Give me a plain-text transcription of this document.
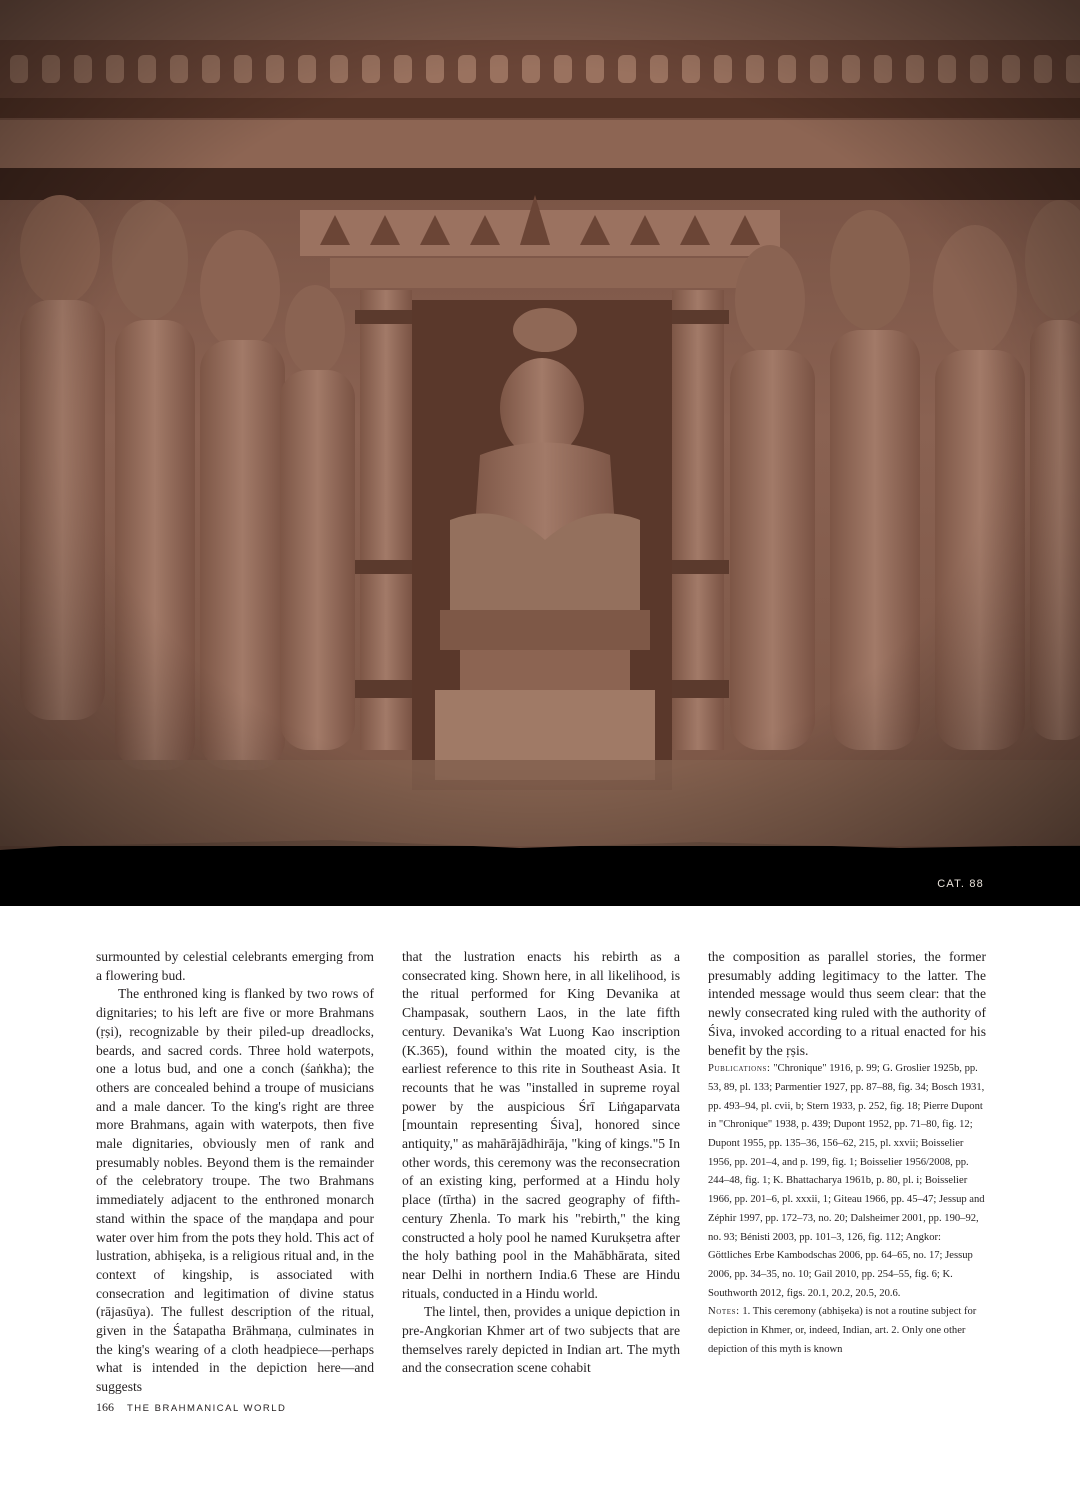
CAT. 88

surmounted by celestial celebrants emerging from a flowering bud.

The enthroned king is flanked by two rows of dignitaries; to his left are five or more Brahmans (ṛṣi), recognizable by their piled-up dreadlocks, beards, and sacred cords. Three hold waterpots, one a lotus bud, and one a conch (śaṅkha); the others are concealed behind a troupe of musicians and a male dancer. To the king's right are three more Brahmans, again with waterpots, then five male dignitaries, obviously men of rank and presumably nobles. Beyond them is the remainder of the celebratory troupe. The two Brahmans immediately adjacent to the enthroned monarch stand within the space of the maṇḍapa and pour water over him from the pots they hold. This act of lustration, abhiṣeka, is a religious ritual and, in the context of kingship, is associated with consecration and legitimation of divine status (rājasūya). The fullest description of the ritual, given in the Śatapatha Brāhmaṇa, culminates in the king's wearing of a cloth headpiece—perhaps what is intended in the depiction here—and suggests

that the lustration enacts his rebirth as a consecrated king. Shown here, in all likelihood, is the ritual performed for King Devanika at Champasak, southern Laos, in the late fifth century. Devanika's Wat Luong Kao inscription (K.365), found within the moated city, is the earliest reference to this rite in Southeast Asia. It recounts that he was "installed in supreme royal power by the auspicious Śrī Liṅgaparvata [mountain representing Śiva], honored since antiquity," as mahārājādhirāja, "king of kings."5 In other words, this ceremony was the reconsecration of an existing king, performed at a Hindu holy place (tīrtha) in the sacred geography of fifth-century Zhenla. To mark his "rebirth," the king constructed a holy pool he named Kurukṣetra after the holy bathing pool in the Mahābhārata, sited near Delhi in northern India.6 These are Hindu rituals, conducted in a Hindu world.

The lintel, then, provides a unique depiction in pre-Angkorian Khmer art of two subjects that are themselves rarely depicted in Indian art. The myth and the consecration scene cohabit

the composition as parallel stories, the former presumably adding legitimacy to the latter. The intended message would thus seem clear: that the newly consecrated king ruled with the authority of Śiva, invoked according to a ritual enacted for his benefit by the ṛṣis.

Publications: "Chronique" 1916, p. 99; G. Groslier 1925b, pp. 53, 89, pl. 133; Parmentier 1927, pp. 87–88, fig. 34; Bosch 1931, pp. 493–94, pl. cvii, b; Stern 1933, p. 252, fig. 18; Pierre Dupont in "Chronique" 1938, p. 439; Dupont 1952, pp. 71–80, fig. 12; Dupont 1955, pp. 135–36, 156–62, 215, pl. xxvii; Boisselier 1956, pp. 201–4, and p. 199, fig. 1; Boisselier 1956/2008, pp. 244–48, fig. 1; K. Bhattacharya 1961b, p. 80, pl. i; Boisselier 1966, pp. 201–6, pl. xxxii, 1; Giteau 1966, pp. 45–47; Jessup and Zéphir 1997, pp. 172–73, no. 20; Dalsheimer 2001, pp. 190–92, no. 93; Bénisti 2003, pp. 101–3, 126, fig. 112; Angkor: Göttliches Erbe Kambodschas 2006, pp. 64–65, no. 17; Jessup 2006, pp. 34–35, no. 10; Gail 2010, pp. 254–55, fig. 6; K. Southworth 2012, figs. 20.1, 20.2, 20.5, 20.6.

Notes: 1. This ceremony (abhiṣeka) is not a routine subject for depiction in Khmer, or, indeed, Indian, art. 2. Only one other depiction of this myth is known

166 THE BRAHMANICAL WORLD
